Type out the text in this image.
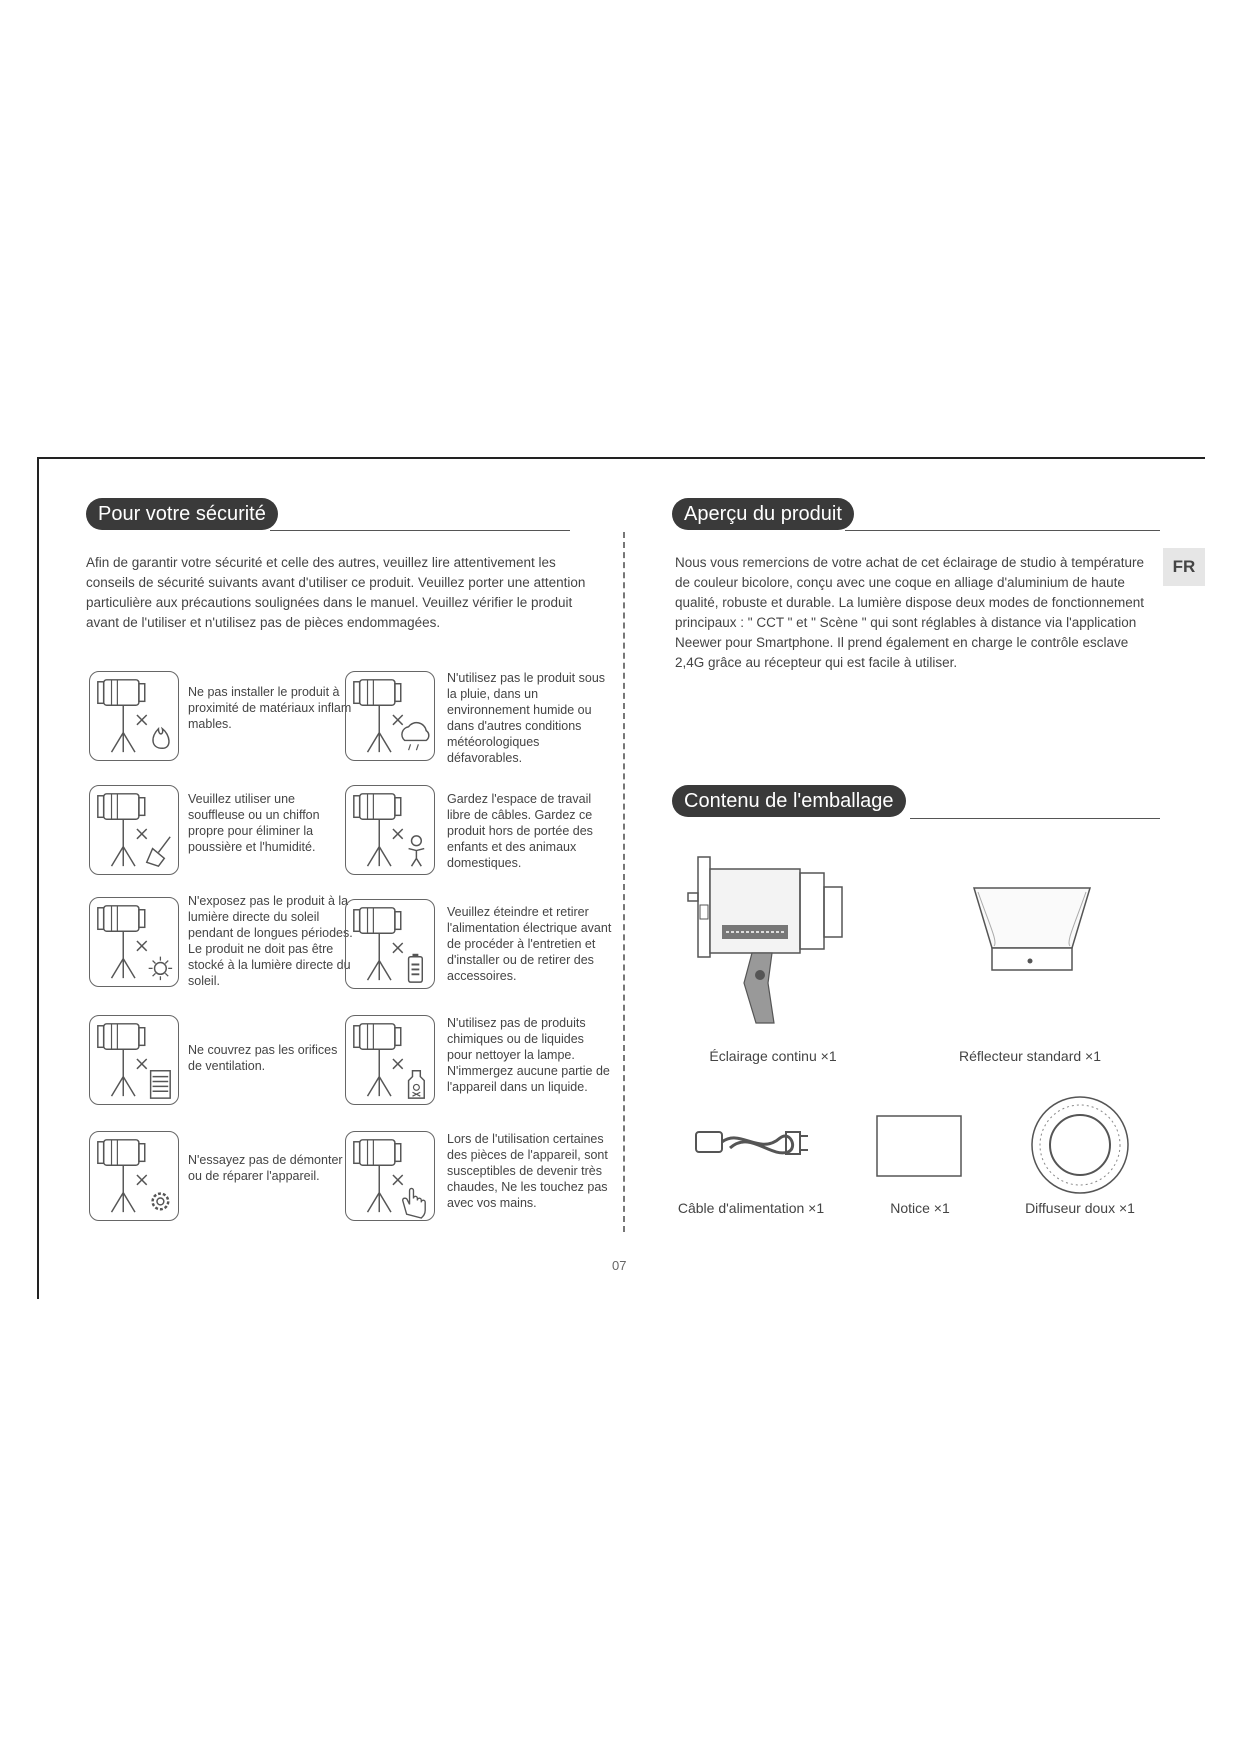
Pour votre sécurité
Afin de garantir votre sécurité et celle des autres, veuillez lire attentivement les conseils de sécurité suivants avant d'utiliser ce produit. Veuillez porter une attention particulière aux précautions soulignées dans le manuel. Veuillez vérifier le produit avant de l'utiliser et n'utilisez pas de pièces endommagées.
Ne pas installer le produit à proximité de matériaux inflam mables.
N'utilisez pas le produit sous la pluie, dans un environnement humide ou dans d'autres conditions météorologiques défavorables.
Veuillez utiliser une souffleuse ou un chiffon propre pour éliminer la poussière et l'humidité.
Gardez l'espace de travail libre de câbles. Gardez ce produit hors de portée des enfants et des animaux domestiques.
N'exposez pas le produit à la lumière directe du soleil pendant de longues périodes. Le produit ne doit pas être stocké à la lumière directe du soleil.
Veuillez éteindre et retirer l'alimentation électrique avant de procéder à l'entretien et d'installer ou de retirer des accessoires.
Ne couvrez pas les orifices de ventilation.
N'utilisez pas de produits chimiques ou de liquides pour nettoyer la lampe. N'immergez aucune partie de l'appareil dans un liquide.
N'essayez pas de démonter ou de réparer l'appareil.
Lors de l'utilisation certaines des pièces de l'appareil, sont susceptibles de devenir très chaudes, Ne les touchez pas avec vos mains.
07
Aperçu du produit
FR
Nous vous remercions de votre achat de cet éclairage de studio à température de couleur bicolore, conçu avec une coque en alliage d'aluminium de haute qualité, robuste et durable. La lumière dispose deux modes de fonctionnement principaux : " CCT " et " Scène " qui sont réglables à distance via l'application Neewer pour Smartphone. Il prend également en charge le contrôle esclave 2,4G grâce au récepteur qui est facile à utiliser.
Contenu de l'emballage
Éclairage continu ×1	Réflecteur standard ×1
Câble d'alimentation ×1	Notice ×1	Diffuseur doux ×1
